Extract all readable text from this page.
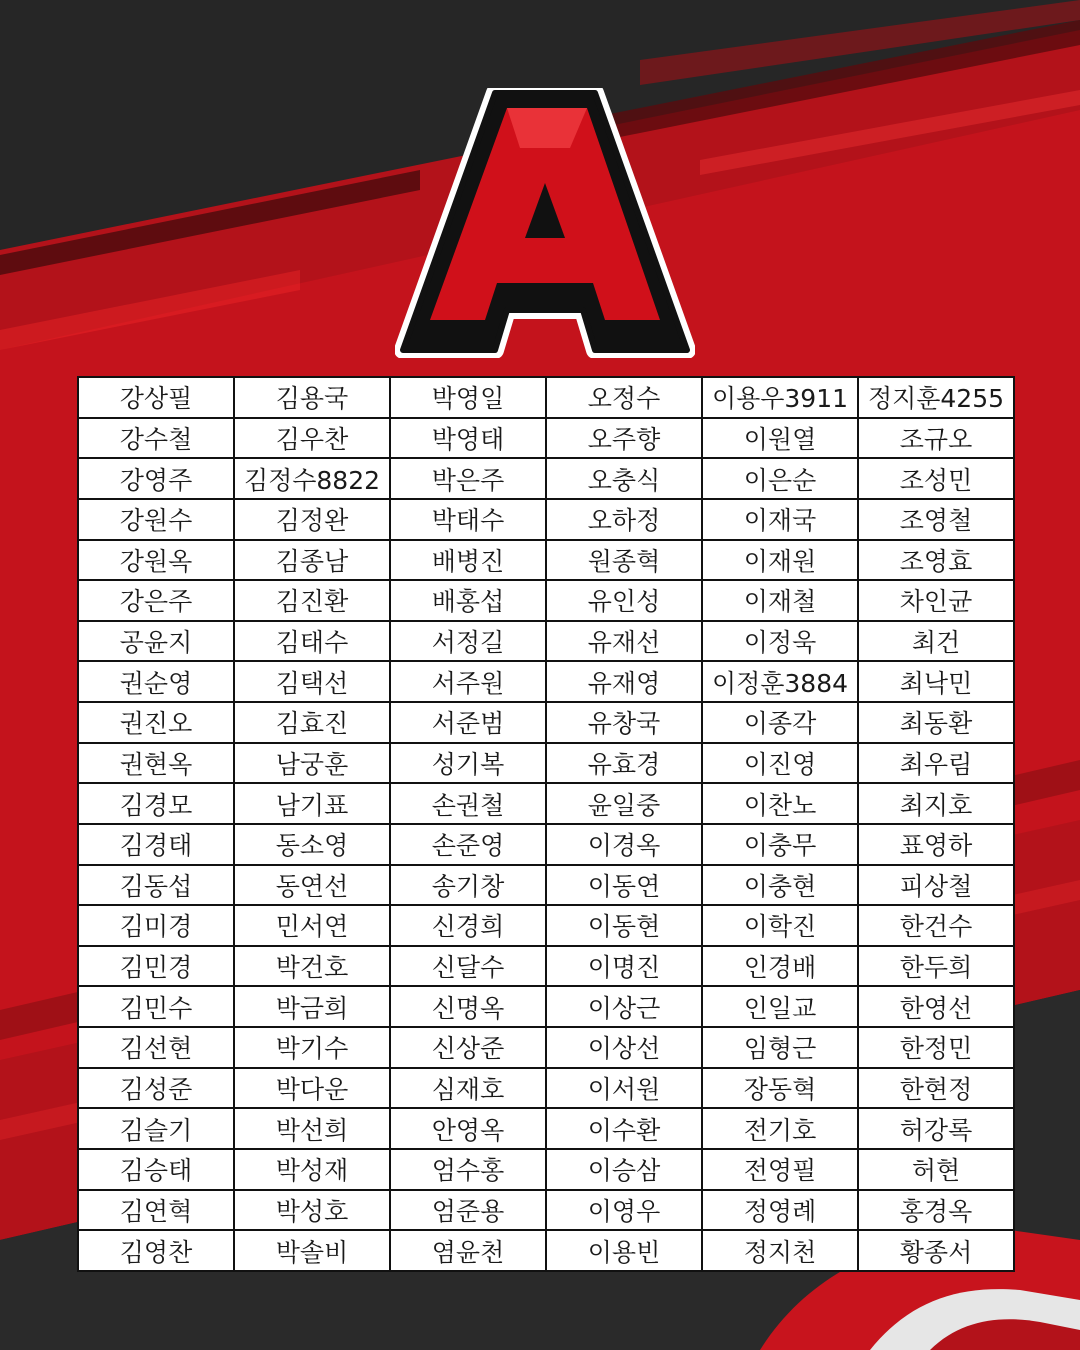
강상필	김용국	박영일	오정수	이용우3911	정지훈4255
강수철	김우찬	박영태	오주향	이원열	조규오
강영주	김정수8822	박은주	오충식	이은순	조성민
강원수	김정완	박태수	오하정	이재국	조영철
강원옥	김종남	배병진	원종혁	이재원	조영효
강은주	김진환	배홍섭	유인성	이재철	차인균
공윤지	김태수	서정길	유재선	이정욱	최건
권순영	김택선	서주원	유재영	이정훈3884	최낙민
권진오	김효진	서준범	유창국	이종각	최동환
권현옥	남궁훈	성기복	유효경	이진영	최우림
김경모	남기표	손권철	윤일중	이찬노	최지호
김경태	동소영	손준영	이경옥	이충무	표영하
김동섭	동연선	송기창	이동연	이충현	피상철
김미경	민서연	신경희	이동현	이학진	한건수
김민경	박건호	신달수	이명진	인경배	한두희
김민수	박금희	신명옥	이상근	인일교	한영선
김선현	박기수	신상준	이상선	임형근	한정민
김성준	박다운	심재호	이서원	장동혁	한현정
김슬기	박선희	안영옥	이수환	전기호	허강록
김승태	박성재	엄수홍	이승삼	전영필	허현
김연혁	박성호	엄준용	이영우	정영례	홍경옥
김영찬	박솔비	염윤천	이용빈	정지천	황종서
